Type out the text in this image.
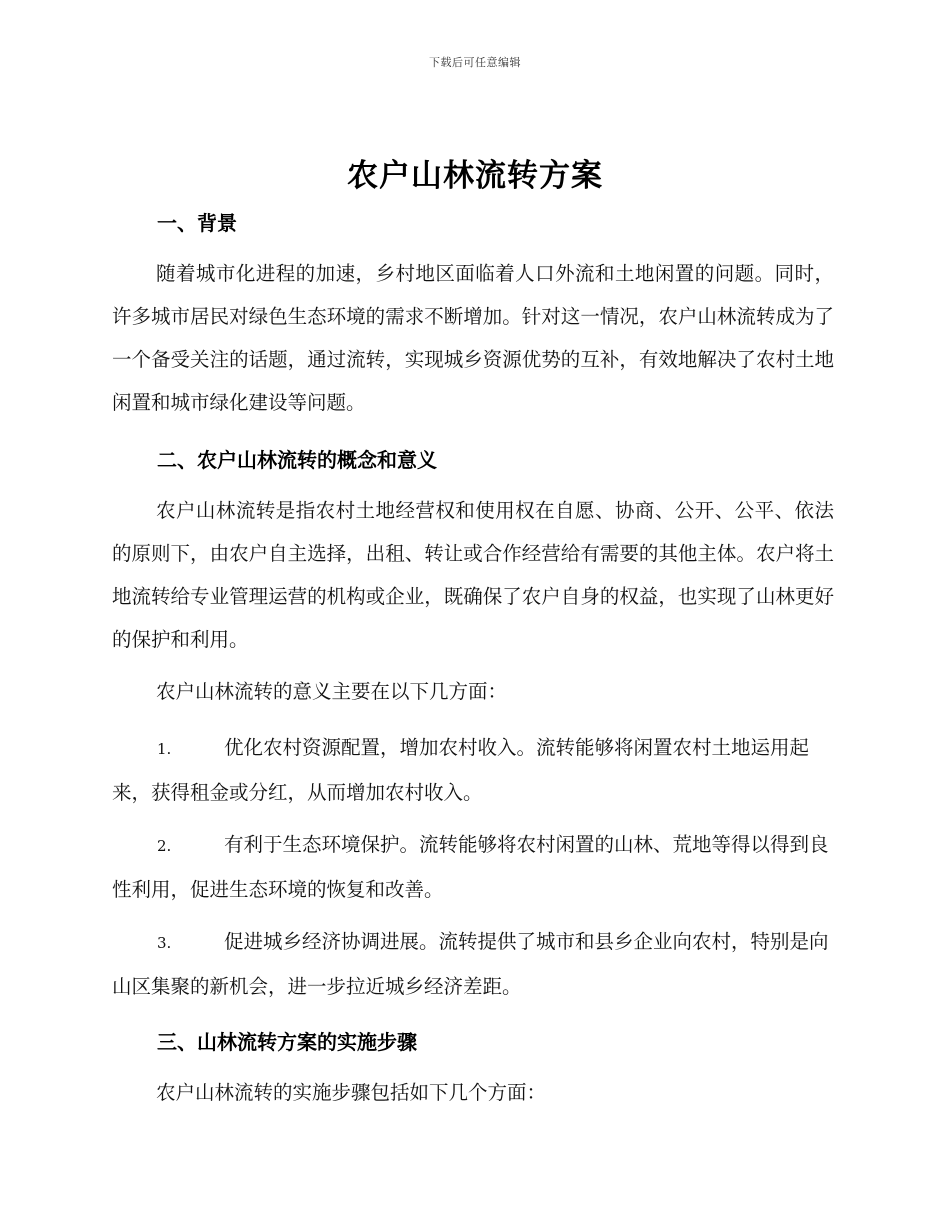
下载后可任意编辑
农户山林流转方案
一、背景
随着城市化进程的加速，乡村地区面临着人口外流和土地闲置的问题。同时，许多城市居民对绿色生态环境的需求不断增加。针对这一情况，农户山林流转成为了一个备受关注的话题，通过流转，实现城乡资源优势的互补，有效地解决了农村土地闲置和城市绿化建设等问题。
二、农户山林流转的概念和意义
农户山林流转是指农村土地经营权和使用权在自愿、协商、公开、公平、依法的原则下，由农户自主选择，出租、转让或合作经营给有需要的其他主体。农户将土地流转给专业管理运营的机构或企业，既确保了农户自身的权益，也实现了山林更好的保护和利用。
农户山林流转的意义主要在以下几方面：
1.	优化农村资源配置，增加农村收入。流转能够将闲置农村土地运用起来，获得租金或分红，从而增加农村收入。
2.	有利于生态环境保护。流转能够将农村闲置的山林、荒地等得以得到良性利用，促进生态环境的恢复和改善。
3.	促进城乡经济协调进展。流转提供了城市和县乡企业向农村，特别是向山区集聚的新机会，进一步拉近城乡经济差距。
三、山林流转方案的实施步骤
农户山林流转的实施步骤包括如下几个方面：
